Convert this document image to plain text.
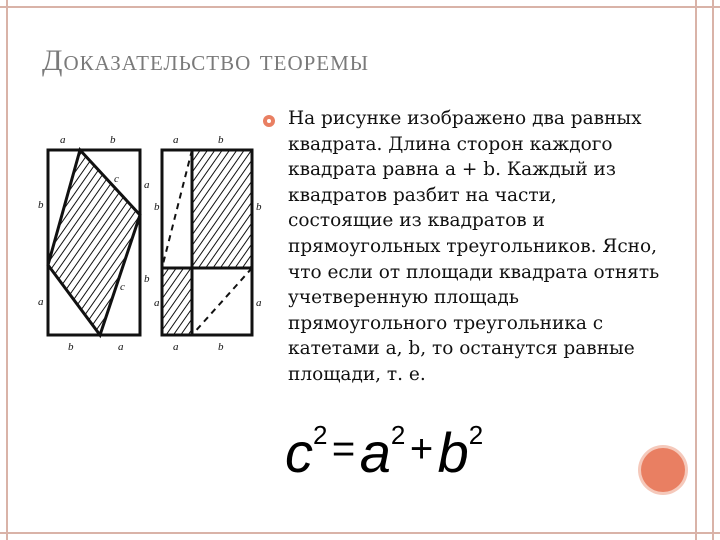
Доказательство теоремы
a	b
b
a
a
b
b	a
c
c
a	b
b
a
b
a
a	b
На рисунке изображено два равных квадрата. Длина сторон каждого квадрата равна a + b. Каждый из квадратов разбит на части, состоящие из квадратов и прямоугольных треугольников. Ясно, что если от площади квадрата отнять учетверенную площадь прямоугольного треугольника с катетами a, b, то останутся равные площади, т. е.
c2 = a2 + b2
